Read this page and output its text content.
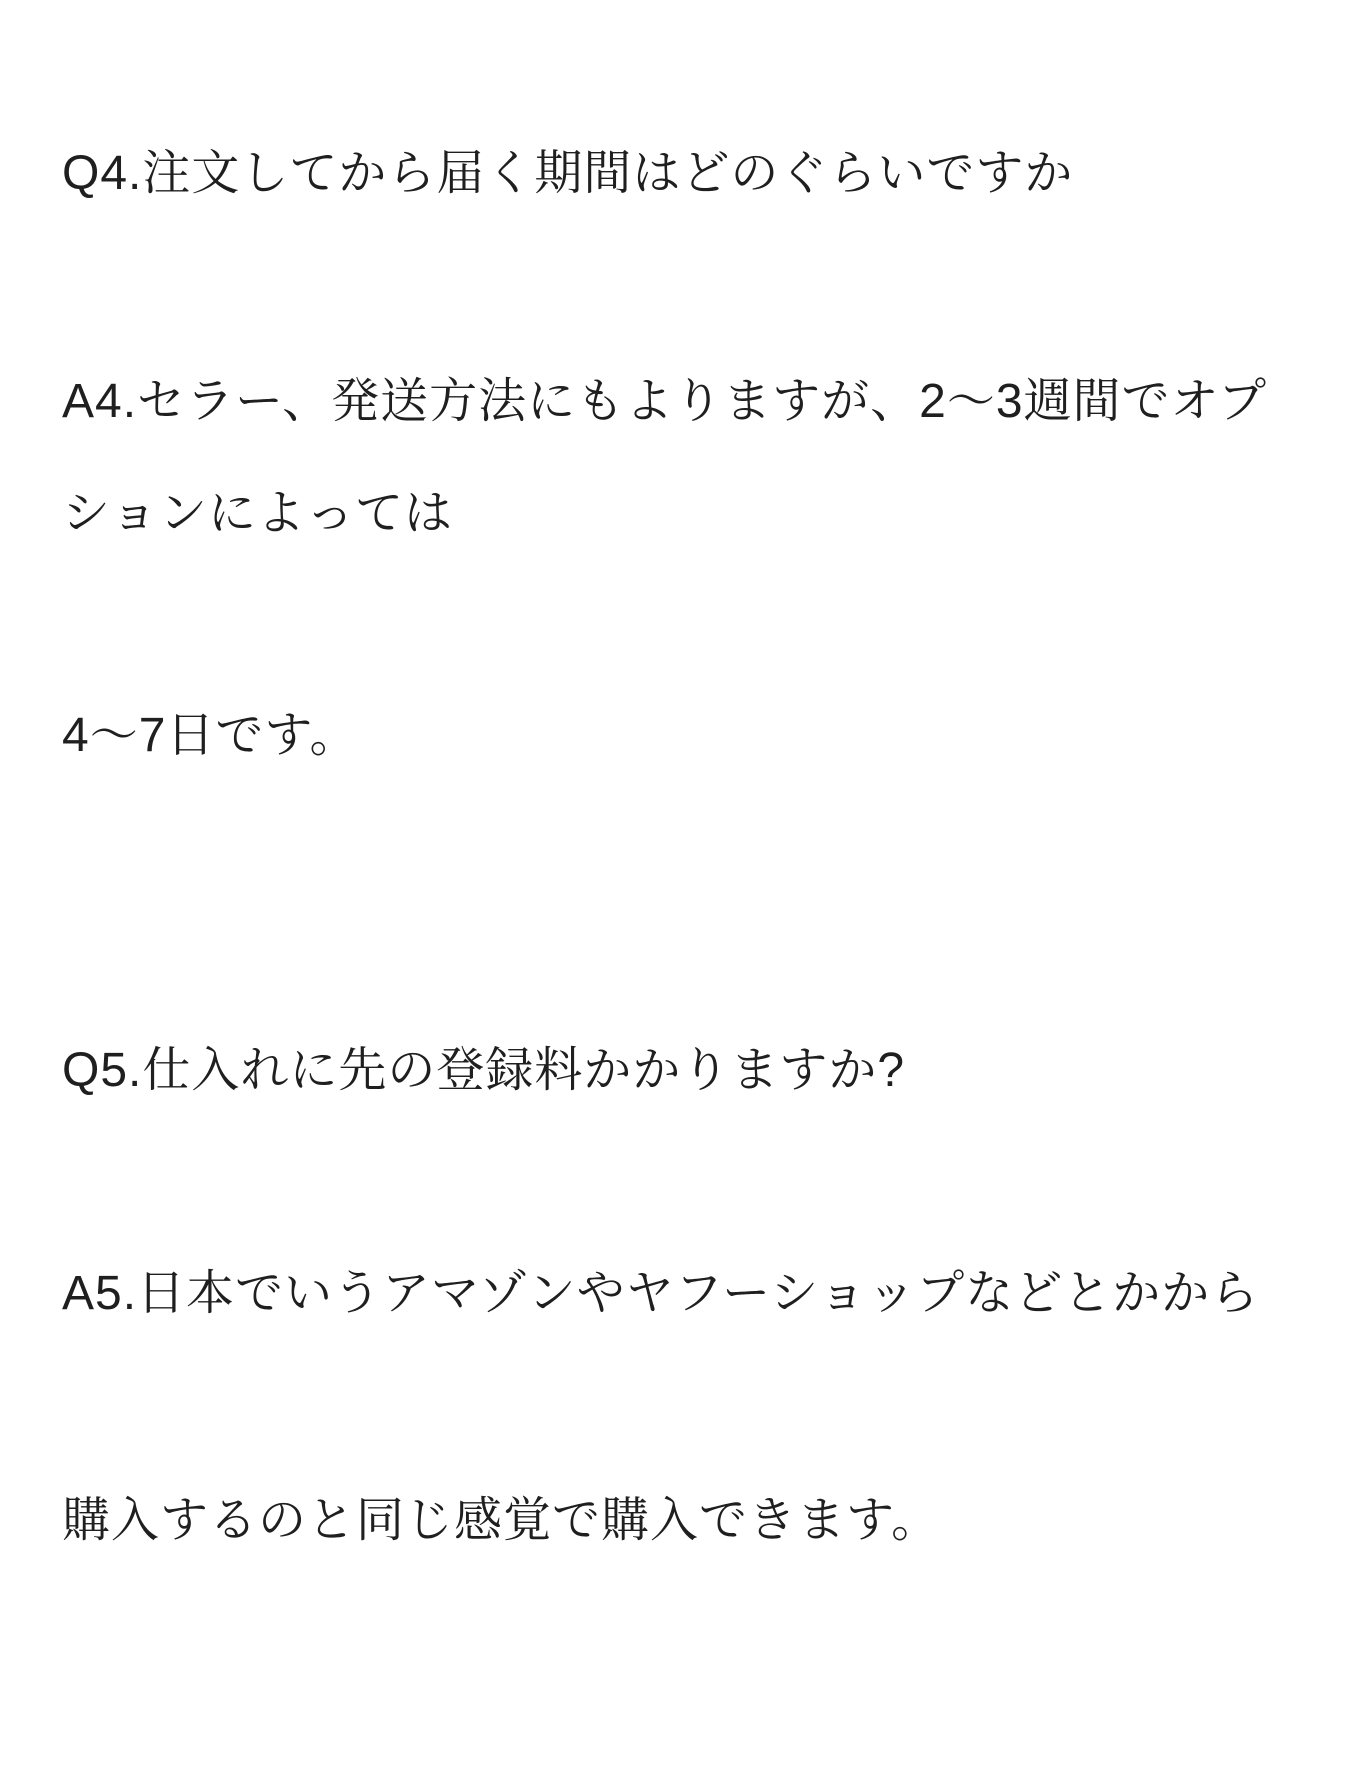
Q4.注文してから届く期間はどのぐらいですか
A4.セラー、発送方法にもよりますが、2〜3週間でオプ
ションによっては
4〜7日です。
Q5.仕入れに先の登録料かかりますか?
A5.日本でいうアマゾンやヤフーショップなどとかから
購入するのと同じ感覚で購入できます。
